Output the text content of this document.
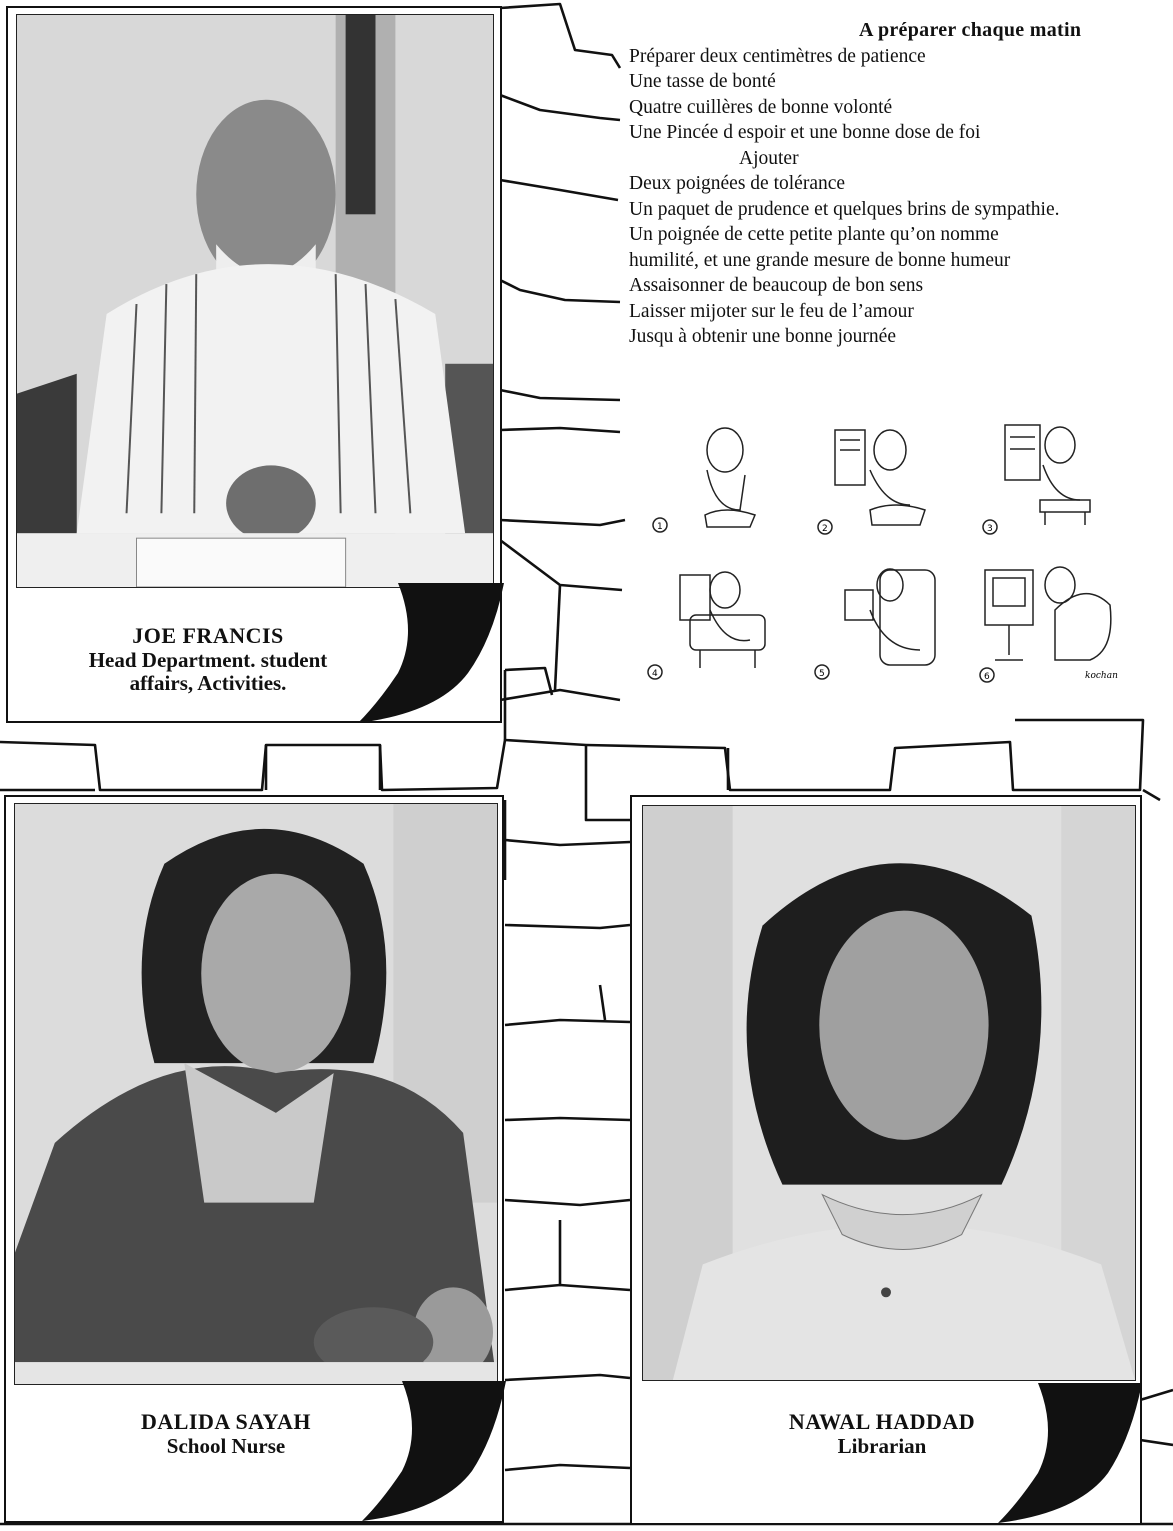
JOE FRANCIS
Head Department. student
affairs, Activities.
DALIDA SAYAH
School Nurse
NAWAL HADDAD
Librarian
A préparer chaque matin
Préparer deux centimètres de patience
Une tasse de bonté
Quatre cuillères de bonne volonté
Une Pincée d espoir et une bonne dose de foi
Ajouter
Deux poignées de tolérance
Un paquet de prudence et quelques brins de sympathie.
Un poignée de cette petite plante qu’on nomme
humilité, et une grande mesure de bonne humeur
Assaisonner de beaucoup de bon sens
Laisser mijoter sur le feu de l’amour
Jusqu à obtenir une bonne journée
1	2	3
4	5	6	kochan
